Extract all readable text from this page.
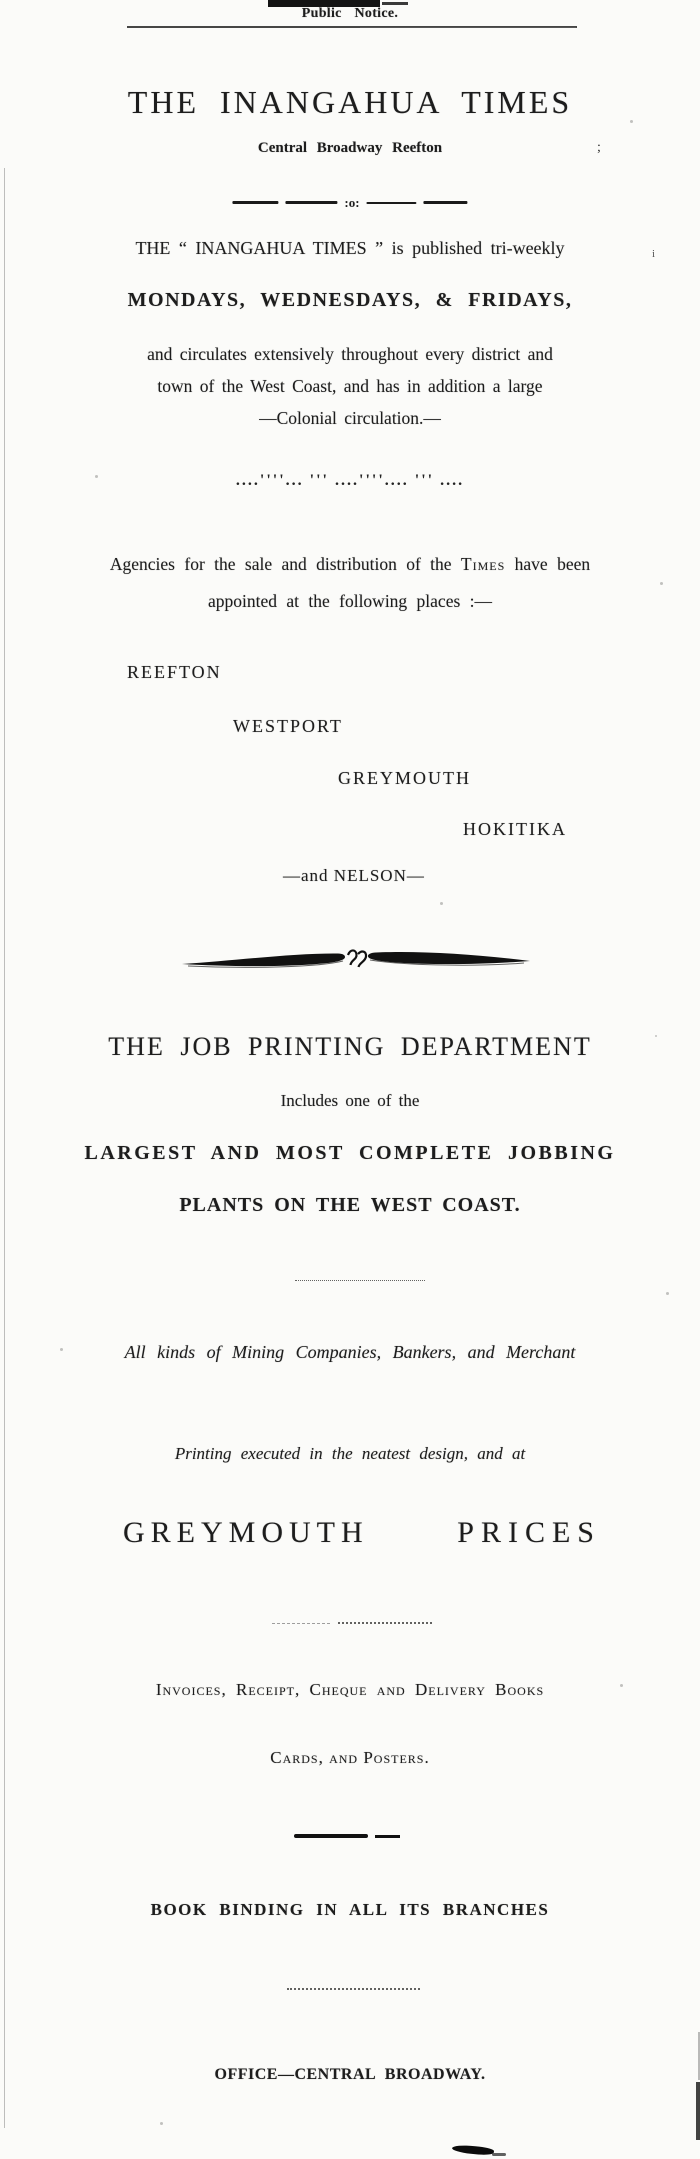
Public Notice.
THE INANGAHUA TIMES
;
Central Broadway Reefton
i
:o:
THE “ INANGAHUA TIMES ” is published tri-weekly
MONDAYS, WEDNESDAYS, & FRIDAYS,
and circulates extensively throughout every district and
town of the West Coast, and has in addition a large
—Colonial circulation.—
....''''... ''' ....''''.... ''' ....
Agencies for the sale and distribution of the Times have been
appointed at the following places :—
REEFTON
WESTPORT
GREYMOUTH
HOKITIKA
—and NELSON—
THE JOB PRINTING DEPARTMENT
Includes one of the
LARGEST AND MOST COMPLETE JOBBING
PLANTS ON THE WEST COAST.
All kinds of Mining Companies, Bankers, and Merchant
Printing executed in the neatest design, and at
GREYMOUTH	PRICES
Invoices, Receipt, Cheque and Delivery Books
Cards, and Posters.
BOOK BINDING IN ALL ITS BRANCHES
OFFICE—CENTRAL BROADWAY.
